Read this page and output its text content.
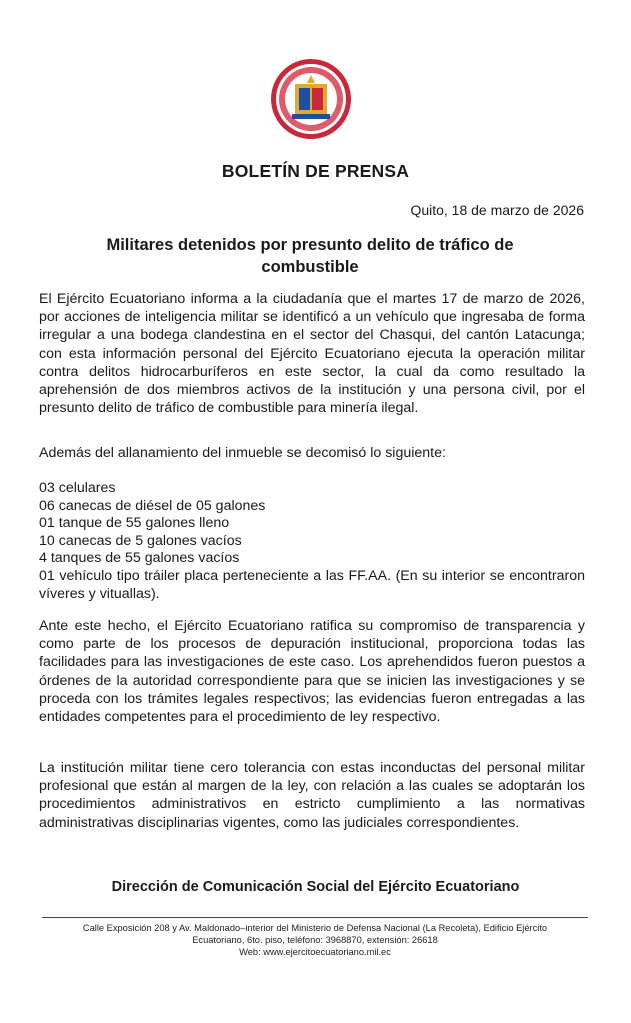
BOLETÍN DE PRENSA
Quito, 18 de marzo de 2026
Militares detenidos por presunto delito de tráfico de
combustible
El Ejército Ecuatoriano informa a la ciudadanía que el martes 17 de marzo de 2026, por acciones de inteligencia militar se identificó a un vehículo que ingresaba de forma irregular a una bodega clandestina en el sector del Chasqui, del cantón Latacunga; con esta información personal del Ejército Ecuatoriano ejecuta la operación militar contra delitos hidrocarburíferos en este sector, la cual da como resultado la aprehensión de dos miembros activos de la institución y una persona civil, por el presunto delito de tráfico de combustible para minería ilegal.
Además del allanamiento del inmueble se decomisó lo siguiente:
03 celulares
06 canecas de diésel de 05 galones
01 tanque de 55 galones lleno
10 canecas de 5 galones vacíos
4 tanques de 55 galones vacíos
01 vehículo tipo tráiler placa perteneciente a las FF.AA. (En su interior se encontraron víveres y vituallas).
Ante este hecho, el Ejército Ecuatoriano ratifica su compromiso de transparencia y como parte de los procesos de depuración institucional, proporciona todas las facilidades para las investigaciones de este caso. Los aprehendidos fueron puestos a órdenes de la autoridad correspondiente para que se inicien las investigaciones y se proceda con los trámites legales respectivos; las evidencias fueron entregadas a las entidades competentes para el procedimiento de ley respectivo.
La institución militar tiene cero tolerancia con estas inconductas del personal militar profesional que están al margen de la ley, con relación a las cuales se adoptarán los procedimientos administrativos en estricto cumplimiento a las normativas administrativas disciplinarias vigentes, como las judiciales correspondientes.
Dirección de Comunicación Social del Ejército Ecuatoriano
Calle Exposición 208 y Av. Maldonado–interior del Ministerio de Defensa Nacional (La Recoleta), Edificio Ejército
Ecuatoriano, 6to. piso, teléfono: 3968870, extensión: 26618
Web: www.ejercitoecuatoriano.mil.ec
